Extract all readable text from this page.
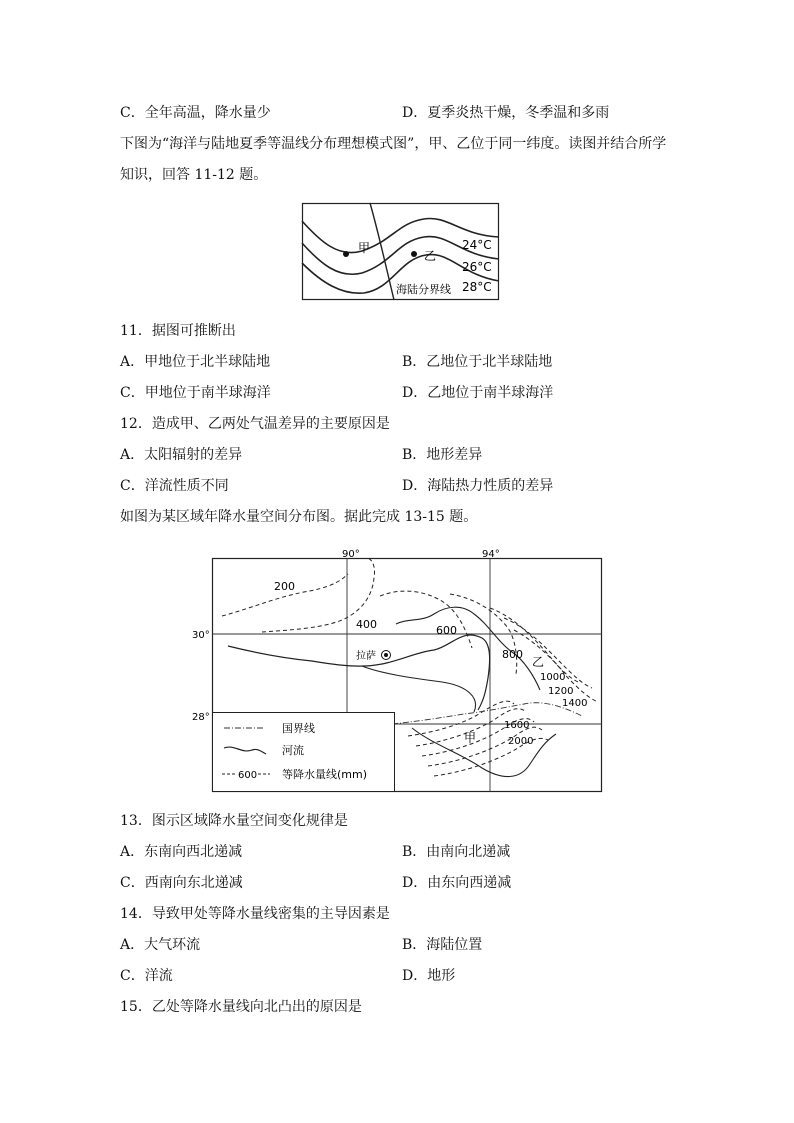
C．全年高温，降水量少	D．夏季炎热干燥，冬季温和多雨
下图为“海洋与陆地夏季等温线分布理想模式图”，甲、乙位于同一纬度。读图并结合所学
知识，回答 11-12 题。
甲
乙
24°C
26°C
28°C
海陆分界线
11．据图可推断出
A．甲地位于北半球陆地	B．乙地位于北半球陆地
C．甲地位于南半球海洋	D．乙地位于南半球海洋
12．造成甲、乙两处气温差异的主要原因是
A．太阳辐射的差异	B．地形差异
C．洋流性质不同	D．海陆热力性质的差异
如图为某区域年降水量空间分布图。据此完成 13-15 题。
90°	94°
30°
28°
200
400	600
800
1000
1200
1400
1600
2000
拉萨	乙
甲
国界线
河流
600 等降水量线(mm)
13．图示区域降水量空间变化规律是
A．东南向西北递减	B．由南向北递减
C．西南向东北递减	D．由东向西递减
14．导致甲处等降水量线密集的主导因素是
A．大气环流	B．海陆位置
C．洋流	D．地形
15．乙处等降水量线向北凸出的原因是
